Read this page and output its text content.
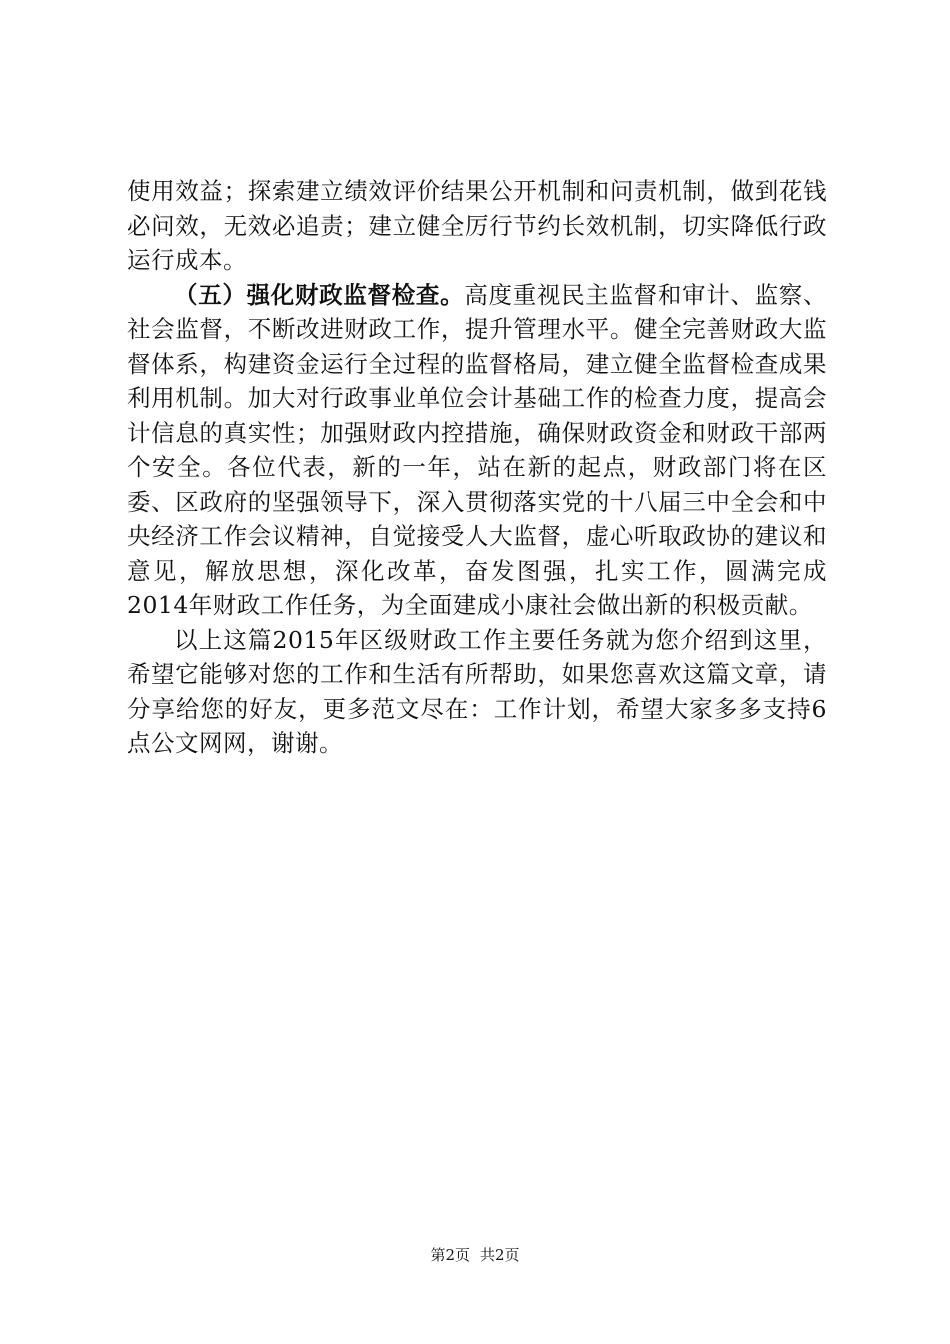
使用效益；探索建立绩效评价结果公开机制和问责机制，做到花钱必问效，无效必追责；建立健全厉行节约长效机制，切实降低行政运行成本。

（五）强化财政监督检查。高度重视民主监督和审计、监察、社会监督，不断改进财政工作，提升管理水平。健全完善财政大监督体系，构建资金运行全过程的监督格局，建立健全监督检查成果利用机制。加大对行政事业单位会计基础工作的检查力度，提高会计信息的真实性；加强财政内控措施，确保财政资金和财政干部两个安全。各位代表，新的一年，站在新的起点，财政部门将在区委、区政府的坚强领导下，深入贯彻落实党的十八届三中全会和中央经济工作会议精神，自觉接受人大监督，虚心听取政协的建议和意见，解放思想，深化改革，奋发图强，扎实工作，圆满完成2014年财政工作任务，为全面建成小康社会做出新的积极贡献。

以上这篇2015年区级财政工作主要任务就为您介绍到这里，希望它能够对您的工作和生活有所帮助，如果您喜欢这篇文章，请分享给您的好友，更多范文尽在：工作计划，希望大家多多支持6点公文网网，谢谢。

第2页 共2页
